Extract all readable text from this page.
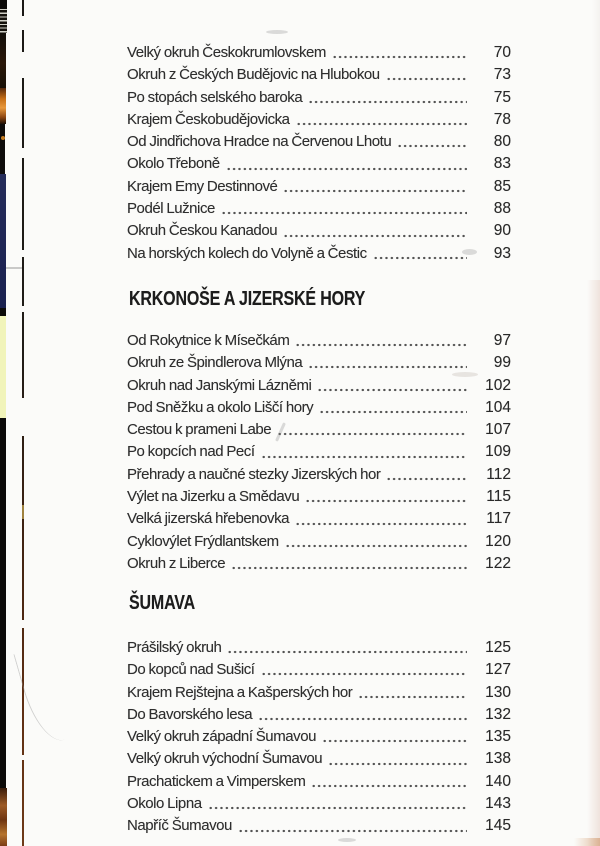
Velký okruh Českokrumlovskem	70
Okruh z Českých Budějovic na Hlubokou	73
Po stopách selského baroka	75
Krajem Českobudějovicka	78
Od Jindřichova Hradce na Červenou Lhotu	80
Okolo Třeboně	83
Krajem Emy Destinnové	85
Podél Lužnice	88
Okruh Českou Kanadou	90
Na horských kolech do Volyně a Čestic	93
KRKONOŠE A JIZERSKÉ HORY
Od Rokytnice k Mísečkám	97
Okruh ze Špindlerova Mlýna	99
Okruh nad Janskými Lázněmi	102
Pod Sněžku a okolo Liščí hory	104
Cestou k prameni Labe	107
Po kopcích nad Pecí	109
Přehrady a naučné stezky Jizerských hor	112
Výlet na Jizerku a Smědavu	115
Velká jizerská hřebenovka	117
Cyklovýlet Frýdlantskem	120
Okruh z Liberce	122
ŠUMAVA
Prášilský okruh	125
Do kopců nad Sušicí	127
Krajem Rejštejna a Kašperských hor	130
Do Bavorského lesa	132
Velký okruh západní Šumavou	135
Velký okruh východní Šumavou	138
Prachatickem a Vimperskem	140
Okolo Lipna	143
Napříč Šumavou	145
